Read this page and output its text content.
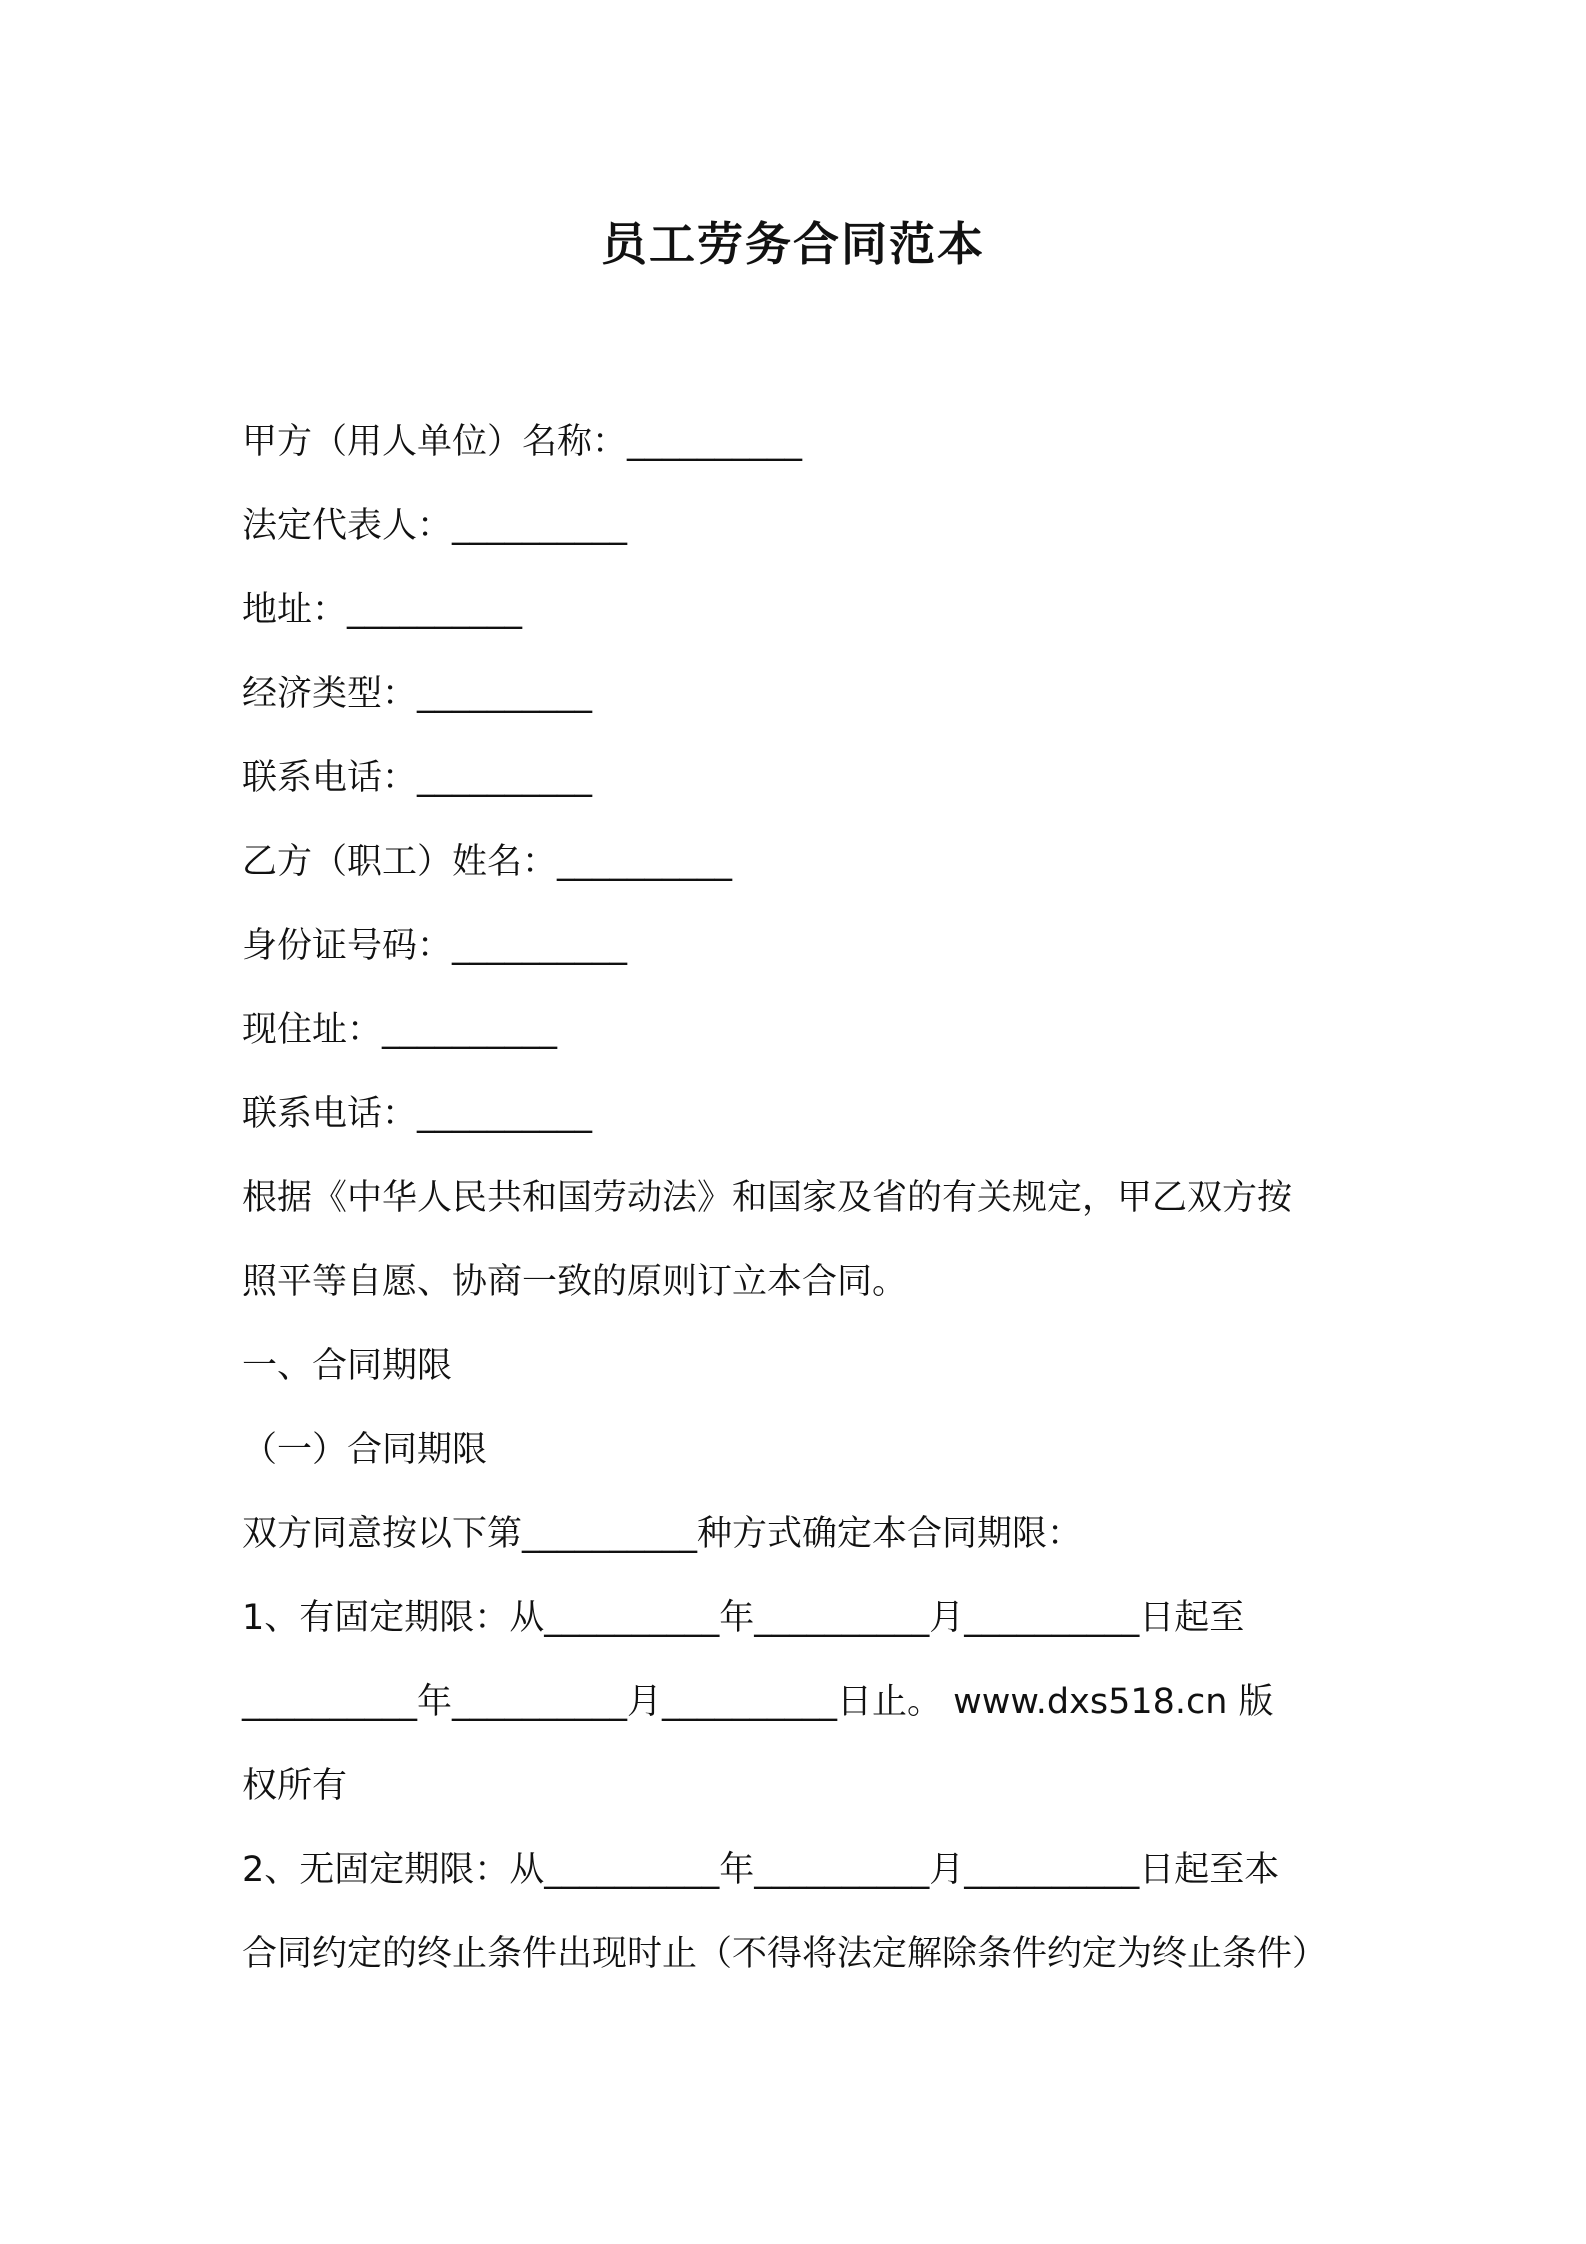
员工劳务合同范本
甲方（用人单位）名称：__________
法定代表人：__________
地址：__________
经济类型：__________
联系电话：__________
乙方（职工）姓名：__________
身份证号码：__________
现住址：__________
联系电话：__________
根据《中华人民共和国劳动法》和国家及省的有关规定，甲乙双方按
照平等自愿、协商一致的原则订立本合同。
一、合同期限
（一）合同期限
双方同意按以下第__________种方式确定本合同期限：
1、有固定期限：从__________年__________月__________日起至
__________年__________月__________日止。 www.dxs518.cn 版
权所有
2、无固定期限：从__________年__________月__________日起至本
合同约定的终止条件出现时止（不得将法定解除条件约定为终止条件）
